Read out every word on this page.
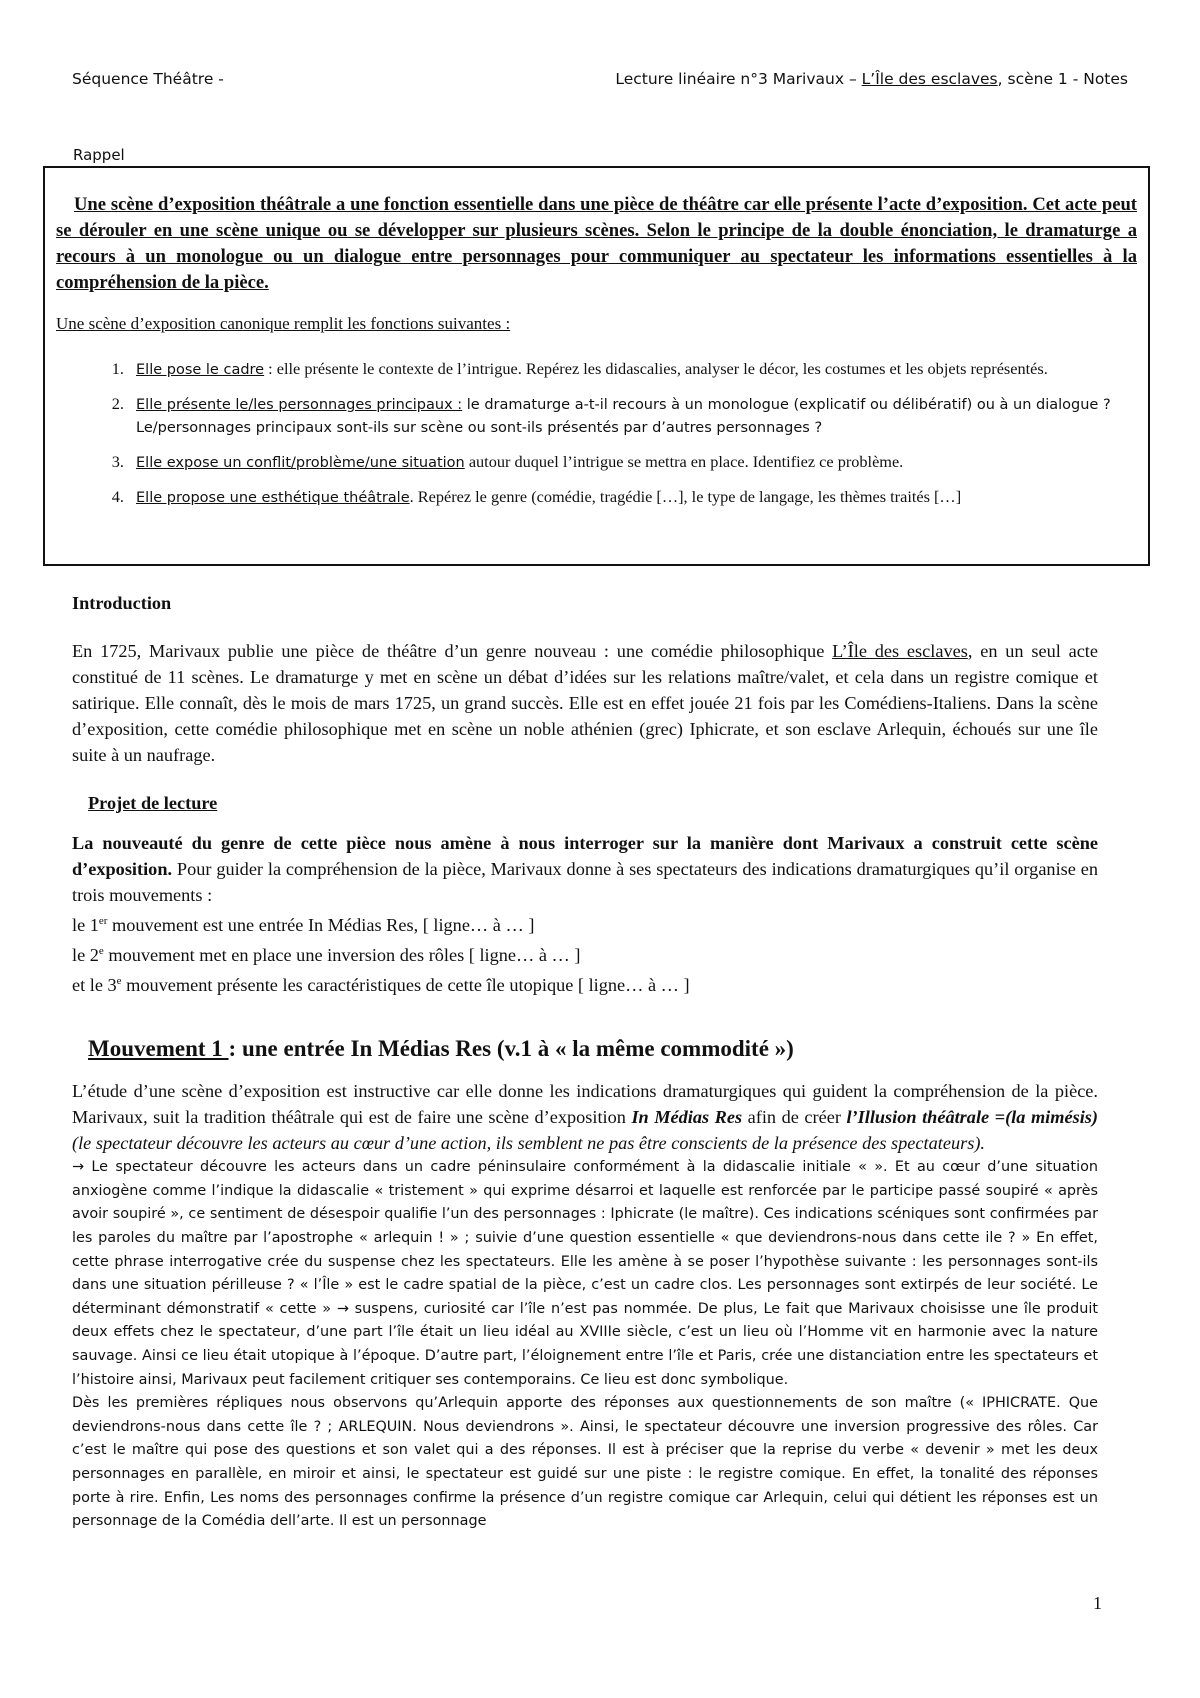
Séquence Théâtre -	Lecture linéaire n°3 Marivaux – L’Île des esclaves, scène 1 - Notes
Rappel

Une scène d’exposition théâtrale a une fonction essentielle dans une pièce de théâtre car elle présente l’acte d’exposition. Cet acte peut se dérouler en une scène unique ou se développer sur plusieurs scènes. Selon le principe de la double énonciation, le dramaturge a recours à un monologue ou un dialogue entre personnages pour communiquer au spectateur les informations essentielles à la compréhension de la pièce.

Une scène d’exposition canonique remplit les fonctions suivantes :
1. Elle pose le cadre : elle présente le contexte de l’intrigue. Repérez les didascalies, analyser le décor, les costumes et les objets représentés.
2. Elle présente le/les personnages principaux : le dramaturge a-t-il recours à un monologue (explicatif ou délibératif) ou à un dialogue ? Le/personnages principaux sont-ils sur scène ou sont-ils présentés par d’autres personnages ?
3. Elle expose un conflit/problème/une situation autour duquel l’intrigue se mettra en place. Identifiez ce problème.
4. Elle propose une esthétique théâtrale. Repérez le genre (comédie, tragédie […], le type de langage, les thèmes traités […]

Introduction

En 1725, Marivaux publie une pièce de théâtre d’un genre nouveau : une comédie philosophique L’Île des esclaves, en un seul acte constitué de 11 scènes. Le dramaturge y met en scène un débat d’idées sur les relations maître/valet, et cela dans un registre comique et satirique. Elle connaît, dès le mois de mars 1725, un grand succès. Elle est en effet jouée 21 fois par les Comédiens-Italiens. Dans la scène d’exposition, cette comédie philosophique met en scène un noble athénien (grec) Iphicrate, et son esclave Arlequin, échoués sur une île suite à un naufrage.

Projet de lecture

La nouveauté du genre de cette pièce nous amène à nous interroger sur la manière dont Marivaux a construit cette scène d’exposition. Pour guider la compréhension de la pièce, Marivaux donne à ses spectateurs des indications dramaturgiques qu’il organise en trois mouvements :

le 1er mouvement est une entrée In Médias Res, [ ligne… à … ]

le 2e mouvement met en place une inversion des rôles [ ligne… à … ]

et le 3e mouvement présente les caractéristiques de cette île utopique [ ligne… à … ]

Mouvement 1 : une entrée In Médias Res (v.1 à « la même commodité »)

L’étude d’une scène d’exposition est instructive car elle donne les indications dramaturgiques qui guident la compréhension de la pièce. Marivaux, suit la tradition théâtrale qui est de faire une scène d’exposition In Médias Res afin de créer l’Illusion théâtrale =(la mimésis) (le spectateur découvre les acteurs au cœur d’une action, ils semblent ne pas être conscients de la présence des spectateurs).

→ Le spectateur découvre les acteurs dans un cadre péninsulaire conformément à la didascalie initiale « ». Et au cœur d’une situation anxiogène comme l’indique la didascalie « tristement » qui exprime désarroi et laquelle est renforcée par le participe passé soupiré « après avoir soupiré », ce sentiment de désespoir qualifie l’un des personnages : Iphicrate (le maître). Ces indications scéniques sont confirmées par les paroles du maître par l’apostrophe « arlequin ! » ; suivie d’une question essentielle « que deviendrons-nous dans cette ile ? » En effet, cette phrase interrogative crée du suspense chez les spectateurs. Elle les amène à se poser l’hypothèse suivante : les personnages sont-ils dans une situation périlleuse ? « l’Île » est le cadre spatial de la pièce, c’est un cadre clos. Les personnages sont extirpés de leur société. Le déterminant démonstratif « cette » → suspens, curiosité car l’île n’est pas nommée. De plus, Le fait que Marivaux choisisse une île produit deux effets chez le spectateur, d’une part l’île était un lieu idéal au XVIIIe siècle, c’est un lieu où l’Homme vit en harmonie avec la nature sauvage. Ainsi ce lieu était utopique à l’époque. D’autre part, l’éloignement entre l’île et Paris, crée une distanciation entre les spectateurs et l’histoire ainsi, Marivaux peut facilement critiquer ses contemporains. Ce lieu est donc symbolique.

Dès les premières répliques nous observons qu’Arlequin apporte des réponses aux questionnements de son maître (« IPHICRATE. Que deviendrons-nous dans cette île ? ; ARLEQUIN. Nous deviendrons ». Ainsi, le spectateur découvre une inversion progressive des rôles. Car c’est le maître qui pose des questions et son valet qui a des réponses. Il est à préciser que la reprise du verbe « devenir » met les deux personnages en parallèle, en miroir et ainsi, le spectateur est guidé sur une piste : le registre comique. En effet, la tonalité des réponses porte à rire. Enfin, Les noms des personnages confirme la présence d’un registre comique car Arlequin, celui qui détient les réponses est un personnage de la Comédia dell’arte. Il est un personnage

1
